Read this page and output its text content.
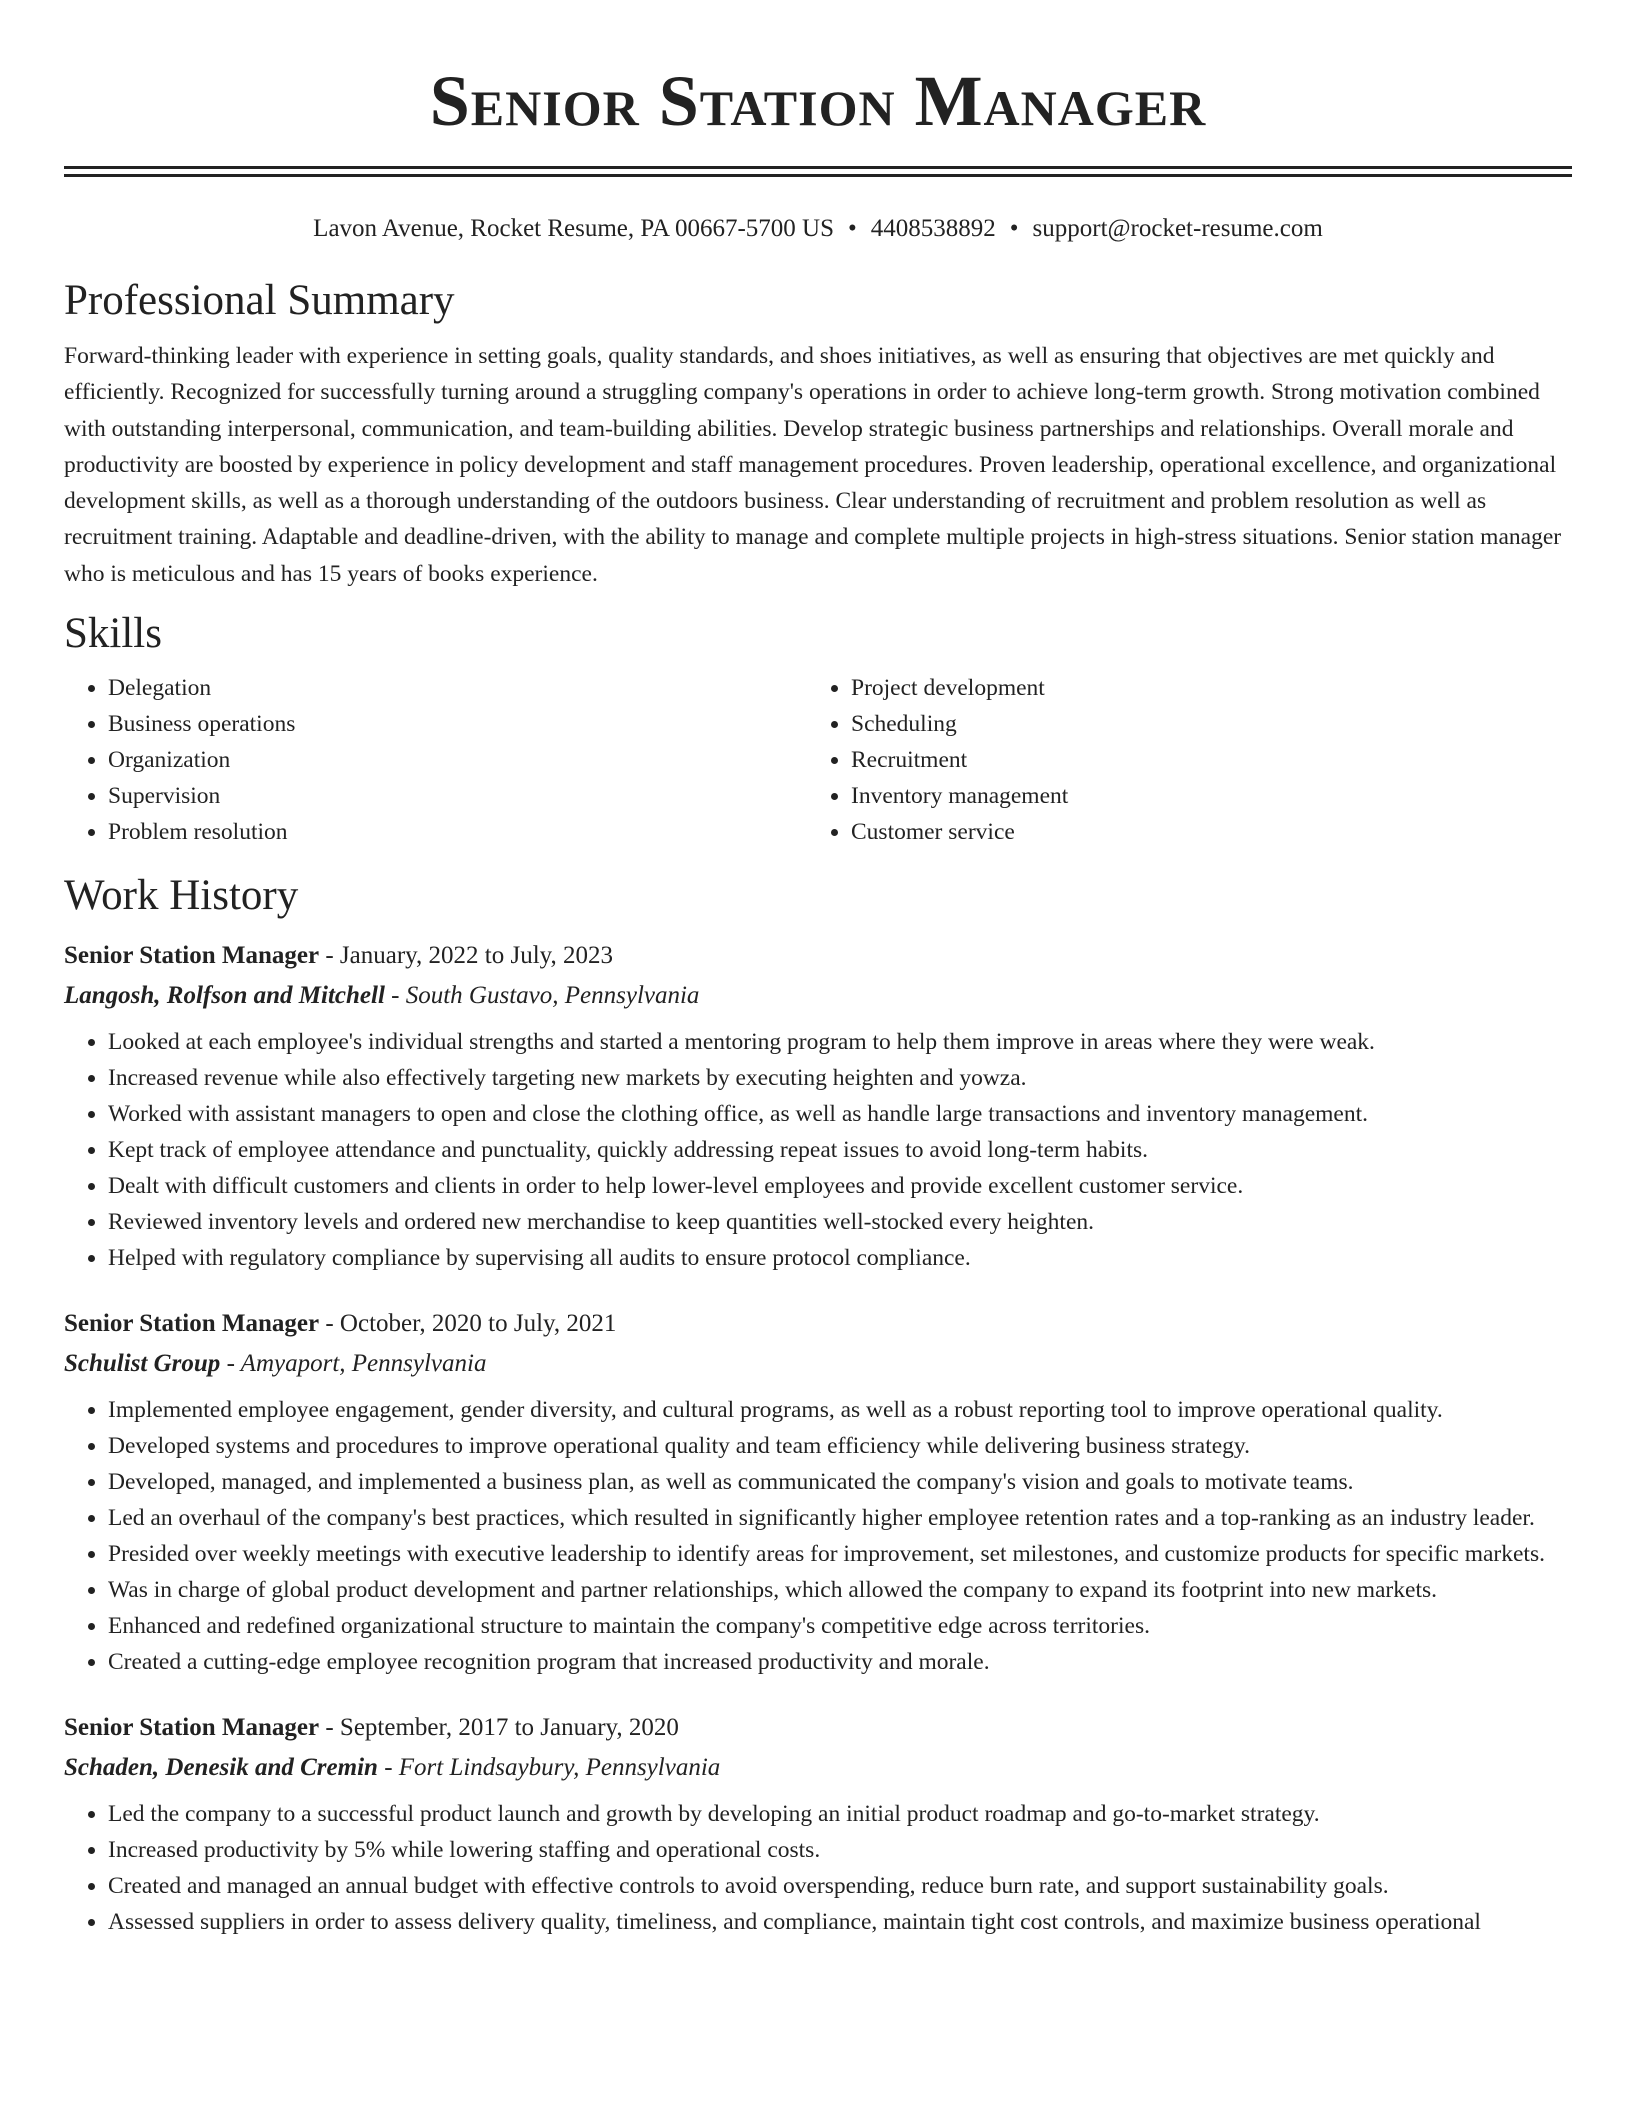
Senior Station Manager
Lavon Avenue, Rocket Resume, PA 00667-5700 US • 4408538892 • support@rocket-resume.com
Professional Summary

Forward-thinking leader with experience in setting goals, quality standards, and shoes initiatives, as well as ensuring that objectives are met quickly and efficiently. Recognized for successfully turning around a struggling company's operations in order to achieve long-term growth. Strong motivation combined with outstanding interpersonal, communication, and team-building abilities. Develop strategic business partnerships and relationships. Overall morale and productivity are boosted by experience in policy development and staff management procedures. Proven leadership, operational excellence, and organizational development skills, as well as a thorough understanding of the outdoors business. Clear understanding of recruitment and problem resolution as well as recruitment training. Adaptable and deadline-driven, with the ability to manage and complete multiple projects in high-stress situations. Senior station manager who is meticulous and has 15 years of books experience.

Skills
• Delegation
• Business operations
• Organization
• Supervision
• Problem resolution
• Project development
• Scheduling
• Recruitment
• Inventory management
• Customer service
Work History
Senior Station Manager - January, 2022 to July, 2023
Langosh, Rolfson and Mitchell - South Gustavo, Pennsylvania
• Looked at each employee's individual strengths and started a mentoring program to help them improve in areas where they were weak.
• Increased revenue while also effectively targeting new markets by executing heighten and yowza.
• Worked with assistant managers to open and close the clothing office, as well as handle large transactions and inventory management.
• Kept track of employee attendance and punctuality, quickly addressing repeat issues to avoid long-term habits.
• Dealt with difficult customers and clients in order to help lower-level employees and provide excellent customer service.
• Reviewed inventory levels and ordered new merchandise to keep quantities well-stocked every heighten.
• Helped with regulatory compliance by supervising all audits to ensure protocol compliance.
Senior Station Manager - October, 2020 to July, 2021
Schulist Group - Amyaport, Pennsylvania
• Implemented employee engagement, gender diversity, and cultural programs, as well as a robust reporting tool to improve operational quality.
• Developed systems and procedures to improve operational quality and team efficiency while delivering business strategy.
• Developed, managed, and implemented a business plan, as well as communicated the company's vision and goals to motivate teams.
• Led an overhaul of the company's best practices, which resulted in significantly higher employee retention rates and a top-ranking as an industry leader.
• Presided over weekly meetings with executive leadership to identify areas for improvement, set milestones, and customize products for specific markets.
• Was in charge of global product development and partner relationships, which allowed the company to expand its footprint into new markets.
• Enhanced and redefined organizational structure to maintain the company's competitive edge across territories.
• Created a cutting-edge employee recognition program that increased productivity and morale.
Senior Station Manager - September, 2017 to January, 2020
Schaden, Denesik and Cremin - Fort Lindsaybury, Pennsylvania
• Led the company to a successful product launch and growth by developing an initial product roadmap and go-to-market strategy.
• Increased productivity by 5% while lowering staffing and operational costs.
• Created and managed an annual budget with effective controls to avoid overspending, reduce burn rate, and support sustainability goals.
• Assessed suppliers in order to assess delivery quality, timeliness, and compliance, maintain tight cost controls, and maximize business operational
